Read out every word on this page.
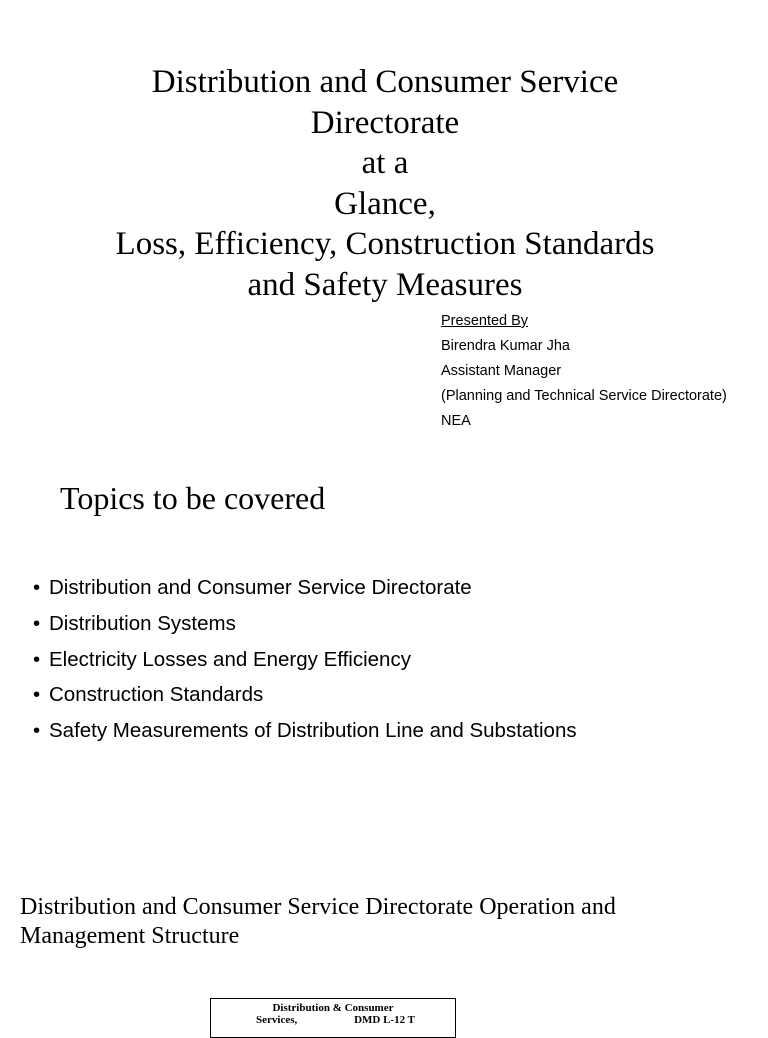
Distribution and Consumer Service
Directorate
at a
Glance,
Loss, Efficiency, Construction Standards
and Safety Measures
Presented By
Birendra Kumar Jha
Assistant Manager
(Planning and Technical Service Directorate)
NEA
Topics to be covered
• Distribution and Consumer Service Directorate
• Distribution Systems
• Electricity Losses and Energy Efficiency
• Construction Standards
• Safety Measurements of Distribution Line and Substations
Distribution and Consumer Service Directorate Operation and Management Structure
Distribution & Consumer
Services,	DMD L-12 T
